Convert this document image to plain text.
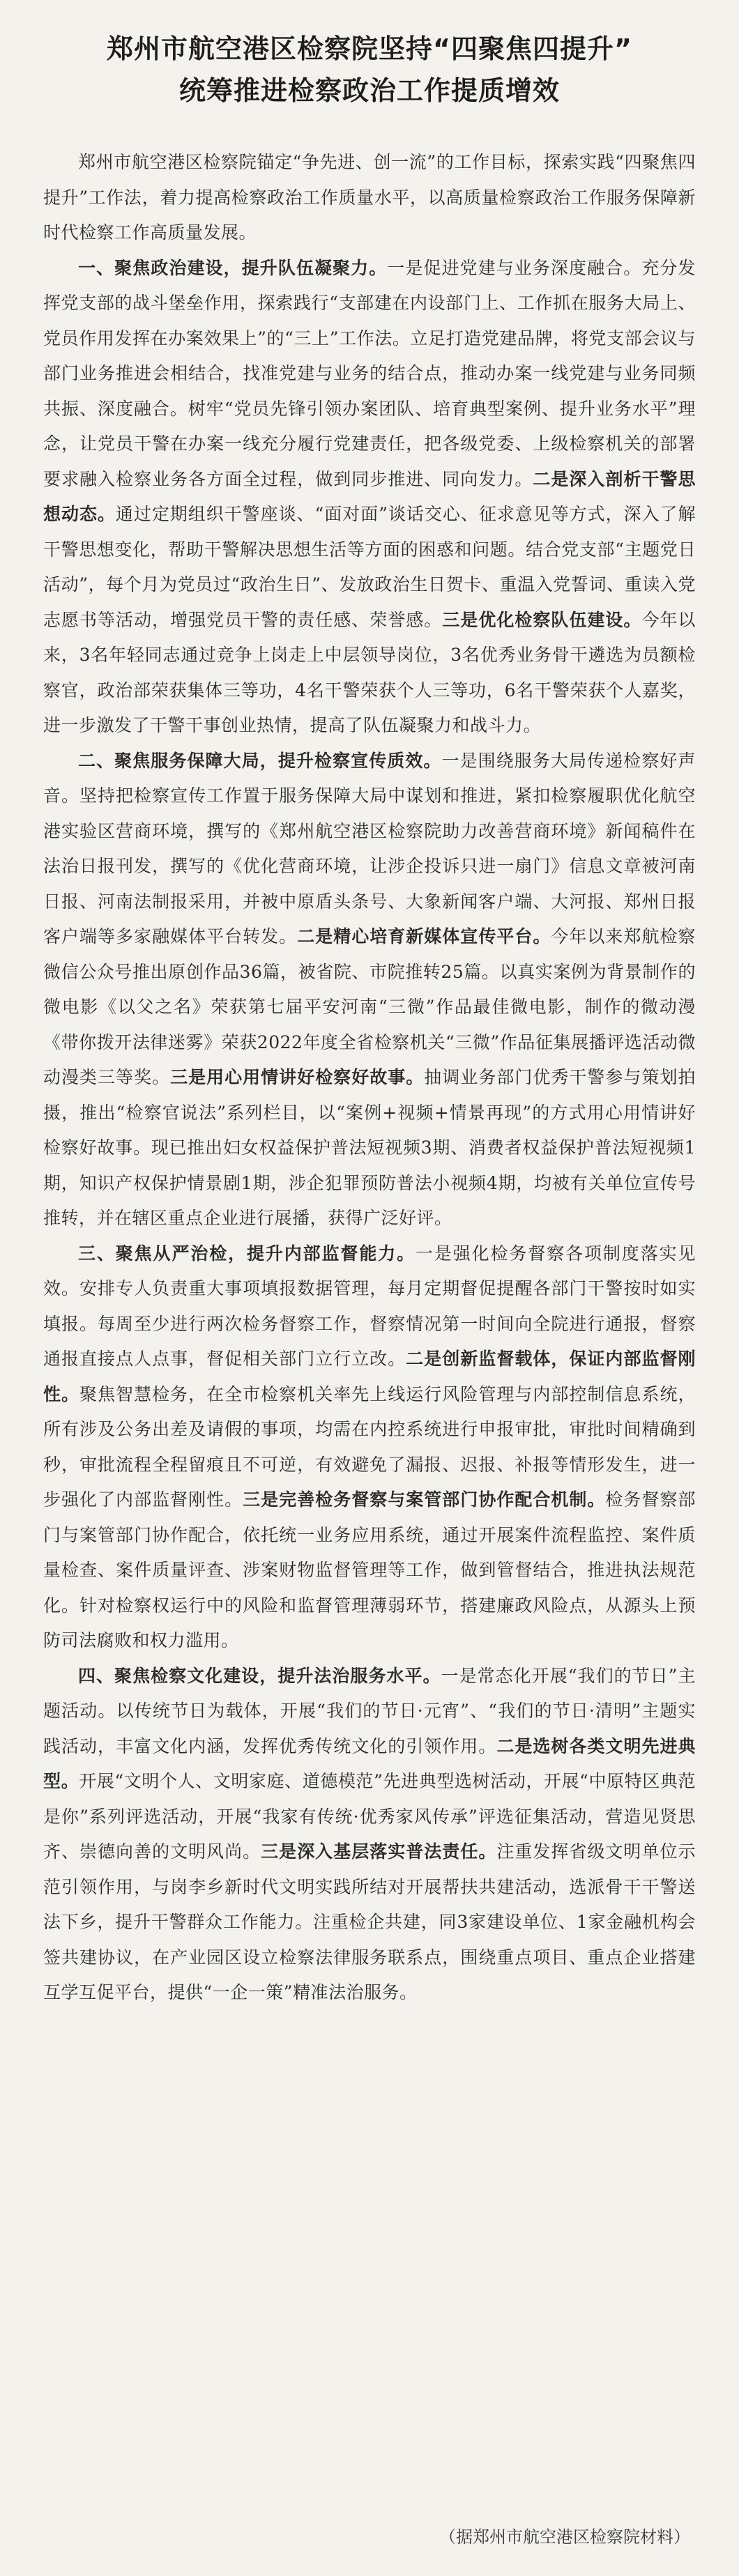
郑州市航空港区检察院坚持“四聚焦四提升”
统筹推进检察政治工作提质增效

郑州市航空港区检察院锚定“争先进、创一流”的工作目标，探索实践“四聚焦四提升”工作法，着力提高检察政治工作质量水平，以高质量检察政治工作服务保障新时代检察工作高质量发展。

一、聚焦政治建设，提升队伍凝聚力。一是促进党建与业务深度融合。充分发挥党支部的战斗堡垒作用，探索践行“支部建在内设部门上、工作抓在服务大局上、党员作用发挥在办案效果上”的“三上”工作法。立足打造党建品牌，将党支部会议与部门业务推进会相结合，找准党建与业务的结合点，推动办案一线党建与业务同频共振、深度融合。树牢“党员先锋引领办案团队、培育典型案例、提升业务水平”理念，让党员干警在办案一线充分履行党建责任，把各级党委、上级检察机关的部署要求融入检察业务各方面全过程，做到同步推进、同向发力。二是深入剖析干警思想动态。通过定期组织干警座谈、“面对面”谈话交心、征求意见等方式，深入了解干警思想变化，帮助干警解决思想生活等方面的困惑和问题。结合党支部“主题党日活动”，每个月为党员过“政治生日”、发放政治生日贺卡、重温入党誓词、重读入党志愿书等活动，增强党员干警的责任感、荣誉感。三是优化检察队伍建设。今年以来，3名年轻同志通过竞争上岗走上中层领导岗位，3名优秀业务骨干遴选为员额检察官，政治部荣获集体三等功，4名干警荣获个人三等功，6名干警荣获个人嘉奖，进一步激发了干警干事创业热情，提高了队伍凝聚力和战斗力。

二、聚焦服务保障大局，提升检察宣传质效。一是围绕服务大局传递检察好声音。坚持把检察宣传工作置于服务保障大局中谋划和推进，紧扣检察履职优化航空港实验区营商环境，撰写的《郑州航空港区检察院助力改善营商环境》新闻稿件在法治日报刊发，撰写的《优化营商环境，让涉企投诉只进一扇门》信息文章被河南日报、河南法制报采用，并被中原盾头条号、大象新闻客户端、大河报、郑州日报客户端等多家融媒体平台转发。二是精心培育新媒体宣传平台。今年以来郑航检察微信公众号推出原创作品36篇，被省院、市院推转25篇。以真实案例为背景制作的微电影《以父之名》荣获第七届平安河南“三微”作品最佳微电影，制作的微动漫《带你拨开法律迷雾》荣获2022年度全省检察机关“三微”作品征集展播评选活动微动漫类三等奖。三是用心用情讲好检察好故事。抽调业务部门优秀干警参与策划拍摄，推出“检察官说法”系列栏目，以“案例+视频+情景再现”的方式用心用情讲好检察好故事。现已推出妇女权益保护普法短视频3期、消费者权益保护普法短视频1期，知识产权保护情景剧1期，涉企犯罪预防普法小视频4期，均被有关单位宣传号推转，并在辖区重点企业进行展播，获得广泛好评。

三、聚焦从严治检，提升内部监督能力。一是强化检务督察各项制度落实见效。安排专人负责重大事项填报数据管理，每月定期督促提醒各部门干警按时如实填报。每周至少进行两次检务督察工作，督察情况第一时间向全院进行通报，督察通报直接点人点事，督促相关部门立行立改。二是创新监督载体，保证内部监督刚性。聚焦智慧检务，在全市检察机关率先上线运行风险管理与内部控制信息系统，所有涉及公务出差及请假的事项，均需在内控系统进行申报审批，审批时间精确到秒，审批流程全程留痕且不可逆，有效避免了漏报、迟报、补报等情形发生，进一步强化了内部监督刚性。三是完善检务督察与案管部门协作配合机制。检务督察部门与案管部门协作配合，依托统一业务应用系统，通过开展案件流程监控、案件质量检查、案件质量评查、涉案财物监督管理等工作，做到管督结合，推进执法规范化。针对检察权运行中的风险和监督管理薄弱环节，搭建廉政风险点，从源头上预防司法腐败和权力滥用。

四、聚焦检察文化建设，提升法治服务水平。一是常态化开展“我们的节日”主题活动。以传统节日为载体，开展“我们的节日·元宵”、“我们的节日·清明”主题实践活动，丰富文化内涵，发挥优秀传统文化的引领作用。二是选树各类文明先进典型。开展“文明个人、文明家庭、道德模范”先进典型选树活动，开展“中原特区典范是你”系列评选活动，开展“我家有传统·优秀家风传承”评选征集活动，营造见贤思齐、崇德向善的文明风尚。三是深入基层落实普法责任。注重发挥省级文明单位示范引领作用，与岗李乡新时代文明实践所结对开展帮扶共建活动，选派骨干干警送法下乡，提升干警群众工作能力。注重检企共建，同3家建设单位、1家金融机构会签共建协议，在产业园区设立检察法律服务联系点，围绕重点项目、重点企业搭建互学互促平台，提供“一企一策”精准法治服务。

（据郑州市航空港区检察院材料）
